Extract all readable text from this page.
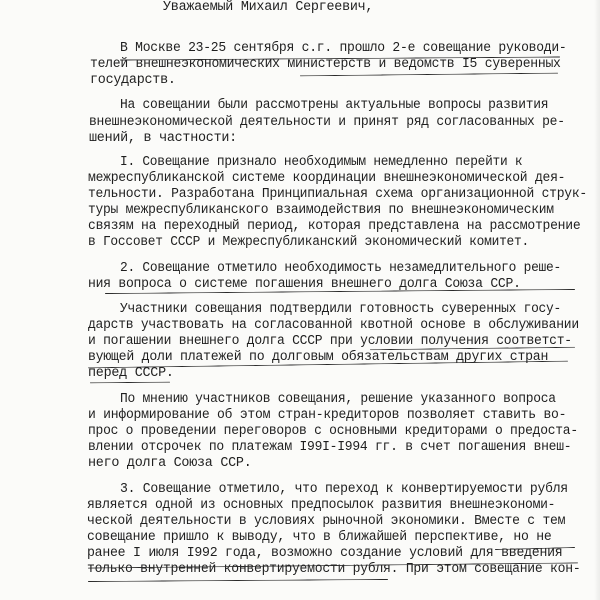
Уважаемый Михаил Сергеевич,
В Москве 23-25 сентября с.г. прошло 2-е совещание руководи-
телей внешнеэкономических министерств и ведомств I5 суверенных
государств.
На совещании были рассмотрены актуальные вопросы развития
внешнеэкономической деятельности и принят ряд согласованных ре-
шений, в частности:
I. Совещание признало необходимым немедленно перейти к
межреспубликанской системе координации внешнеэкономической дея-
тельности. Разработана Принципиальная схема организационной струк-
туры межреспубликанского взаимодействия по внешнеэкономическим
связям на переходный период, которая представлена на рассмотрение
в Госсовет СССР и Межреспубликанский экономический комитет.
2. Совещание отметило необходимость незамедлительного реше-
ния вопроса о системе погашения внешнего долга Союза ССР.
Участники совещания подтвердили готовность суверенных госу-
дарств участвовать на согласованной квотной основе в обслуживании
и погашении внешнего долга СССР при условии получения соответст-
вующей доли платежей по долговым обязательствам других стран
перед СССР.
По мнению участников совещания, решение указанного вопроса
и информирование об этом стран-кредиторов позволяет ставить во-
прос о проведении переговоров с основными кредиторами о предоста-
влении отсрочек по платежам I99I-I994 гг. в счет погашения внеш-
него долга Союза ССР.
3. Совещание отметило, что переход к конвертируемости рубля
является одной из основных предпосылок развития внешнеэкономи-
ческой деятельности в условиях рыночной экономики. Вместе с тем
совещание пришло к выводу, что в ближайшей перспективе, но не
ранее I июля I992 года, возможно создание условий для введения
только внутренней конвертируемости рубля. При этом совещание кон-
